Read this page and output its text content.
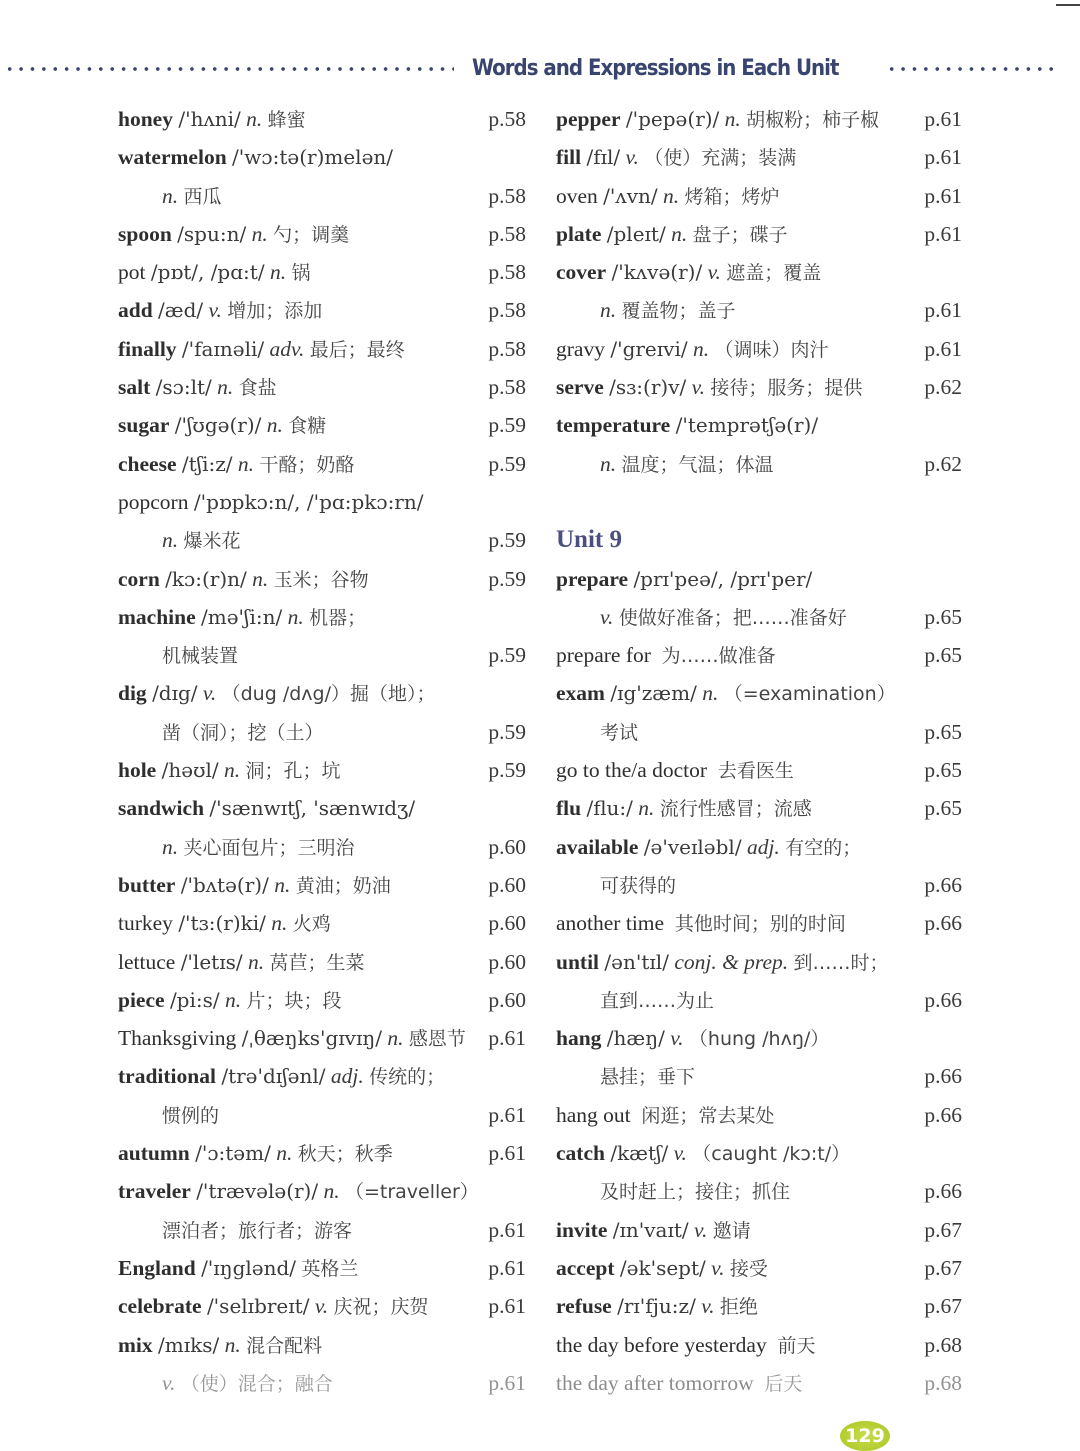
Words and Expressions in Each Unit
honey /'hʌni/ n. 蜂蜜	p.58
watermelon /'wɔ:tə(r)melən/
n. 西瓜	p.58
spoon /spu:n/ n. 勺；调羹	p.58
pot /pɒt/, /pɑ:t/ n. 锅	p.58
add /æd/ v. 增加；添加	p.58
finally /'faɪnəli/ adv. 最后；最终	p.58
salt /sɔ:lt/ n. 食盐	p.58
sugar /'ʃʊgə(r)/ n. 食糖	p.59
cheese /tʃi:z/ n. 干酪；奶酪	p.59
popcorn /'pɒpkɔ:n/, /'pɑ:pkɔ:rn/
n. 爆米花	p.59
corn /kɔ:(r)n/ n. 玉米；谷物	p.59
machine /mə'ʃi:n/ n. 机器；
机械装置	p.59
dig /dɪg/ v. （dug /dʌg/）掘（地）；
凿（洞）；挖（土）	p.59
hole /həʊl/ n. 洞；孔；坑	p.59
sandwich /'sænwɪtʃ, 'sænwɪdʒ/
n. 夹心面包片；三明治	p.60
butter /'bʌtə(r)/ n. 黄油；奶油	p.60
turkey /'tɜ:(r)ki/ n. 火鸡	p.60
lettuce /'letɪs/ n. 莴苣；生菜	p.60
piece /pi:s/ n. 片；块；段	p.60
Thanksgiving /ˌθæŋks'gɪvɪŋ/ n. 感恩节 p.61
traditional /trə'dɪʃənl/ adj. 传统的；
惯例的	p.61
autumn /'ɔ:təm/ n. 秋天；秋季	p.61
traveler /'trævələ(r)/ n. （=traveller）
漂泊者；旅行者；游客	p.61
England /'ɪŋglənd/ 英格兰	p.61
celebrate /'selɪbreɪt/ v. 庆祝；庆贺	p.61
mix /mɪks/ n. 混合配料
v. （使）混合；融合	p.61
pepper /'pepə(r)/ n. 胡椒粉；柿子椒 p.61
fill /fɪl/ v. （使）充满；装满	p.61
oven /'ʌvn/ n. 烤箱；烤炉	p.61
plate /pleɪt/ n. 盘子；碟子	p.61
cover /'kʌvə(r)/ v. 遮盖；覆盖
n. 覆盖物；盖子	p.61
gravy /'greɪvi/ n. （调味）肉汁	p.61
serve /sɜ:(r)v/ v. 接待；服务；提供	p.62
temperature /'temprətʃə(r)/
n. 温度；气温；体温	p.62
Unit 9
prepare /prɪ'peə/, /prɪ'per/
v. 使做好准备；把……准备好	p.65
prepare for 为……做准备	p.65
exam /ɪg'zæm/ n. （=examination）
考试	p.65
go to the/a doctor 去看医生	p.65
flu /flu:/ n. 流行性感冒；流感	p.65
available /ə'veɪləbl/ adj. 有空的；
可获得的	p.66
another time 其他时间；别的时间	p.66
until /ən'tɪl/ conj. & prep. 到……时；
直到……为止	p.66
hang /hæŋ/ v. （hung /hʌŋ/）
悬挂；垂下	p.66
hang out 闲逛；常去某处	p.66
catch /kætʃ/ v. （caught /kɔ:t/）
及时赶上；接住；抓住	p.66
invite /ɪn'vaɪt/ v. 邀请	p.67
accept /ək'sept/ v. 接受	p.67
refuse /rɪ'fju:z/ v. 拒绝	p.67
the day before yesterday 前天	p.68
the day after tomorrow 后天	p.68
129
